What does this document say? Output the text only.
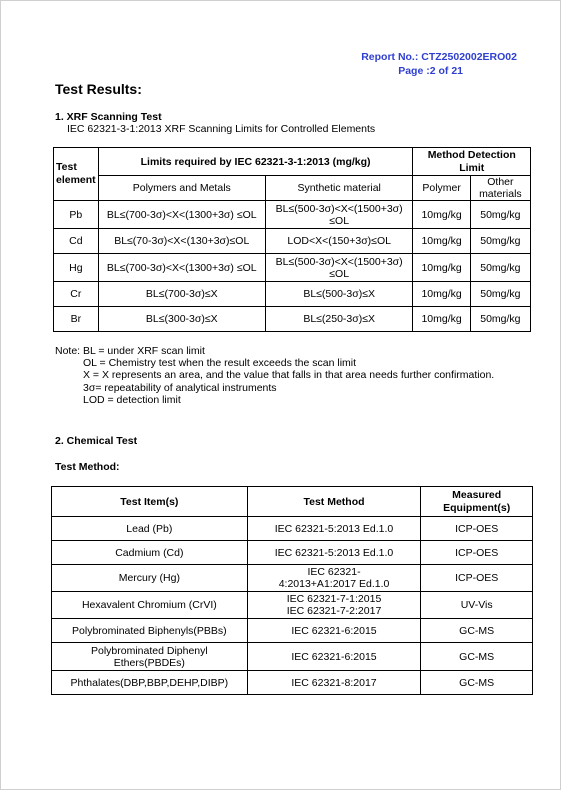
Report No.: CTZ2502002ERO02
Page :2 of 21
Test Results:
1. XRF Scanning Test
IEC 62321-3-1:2013 XRF Scanning Limits for Controlled Elements
Test element	Limits required by IEC 62321-3-1:2013 (mg/kg)		Method Detection Limit	
	Polymers and Metals	Synthetic material	Polymer	Other materials
Pb	BL≤(700-3σ)<X<(1300+3σ) ≤OL	BL≤(500-3σ)<X<(1500+3σ) ≤OL	10mg/kg	50mg/kg
Cd	BL≤(70-3σ)<X<(130+3σ)≤OL	LOD<X<(150+3σ)≤OL	10mg/kg	50mg/kg
Hg	BL≤(700-3σ)<X<(1300+3σ) ≤OL	BL≤(500-3σ)<X<(1500+3σ) ≤OL	10mg/kg	50mg/kg
Cr	BL≤(700-3σ)≤X	BL≤(500-3σ)≤X	10mg/kg	50mg/kg
Br	BL≤(300-3σ)≤X	BL≤(250-3σ)≤X	10mg/kg	50mg/kg
Note: BL = under XRF scan limit
OL = Chemistry test when the result exceeds the scan limit
X = X represents an area, and the value that falls in that area needs further confirmation.
3σ= repeatability of analytical instruments
LOD = detection limit
2. Chemical Test
Test Method:
Test Item(s)	Test Method	Measured Equipment(s)
Lead (Pb)	IEC 62321-5:2013 Ed.1.0	ICP-OES
Cadmium (Cd)	IEC 62321-5:2013 Ed.1.0	ICP-OES
Mercury (Hg)	IEC 62321-4:2013+A1:2017 Ed.1.0	ICP-OES
Hexavalent Chromium (CrVI)	IEC 62321-7-1:2015 IEC 62321-7-2:2017	UV-Vis
Polybrominated Biphenyls(PBBs)	IEC 62321-6:2015	GC-MS
Polybrominated Diphenyl Ethers(PBDEs)	IEC 62321-6:2015	GC-MS
Phthalates(DBP,BBP,DEHP,DIBP)	IEC 62321-8:2017	GC-MS
